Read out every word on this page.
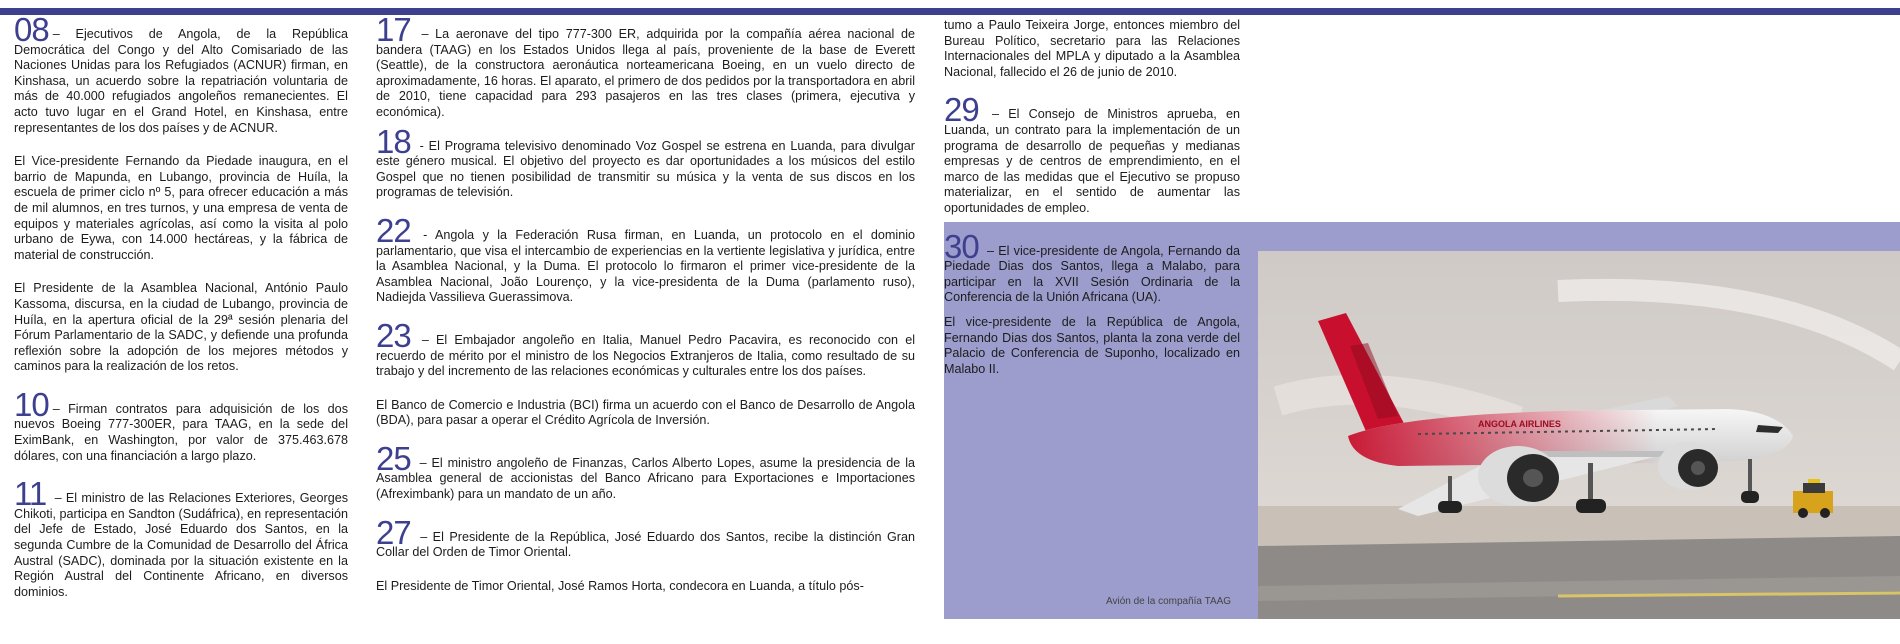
08 – Ejecutivos de Angola, de la República Democrática del Congo y del Alto Comisariado de las Naciones Unidas para los Refugiados (ACNUR) firman, en Kinshasa, un acuerdo sobre la repatriación voluntaria de más de 40.000 refugiados angoleños remanecientes. El acto tuvo lugar en el Grand Hotel, en Kinshasa, entre representantes de los dos países y de ACNUR.
El Vice-presidente Fernando da Piedade inaugura, en el barrio de Mapunda, en Lubango, provincia de Huíla, la escuela de primer ciclo nº 5, para ofrecer educación a más de mil alumnos, en tres turnos, y una empresa de venta de equipos y materiales agrícolas, así como la visita al polo urbano de Eywa, con 14.000 hectáreas, y la fábrica de material de construcción.
El Presidente de la Asamblea Nacional, António Paulo Kassoma, discursa, en la ciudad de Lubango, provincia de Huíla, en la apertura oficial de la 29ª sesión plenaria del Fórum Parlamentario de la SADC, y defiende una profunda reflexión sobre la adopción de los mejores métodos y caminos para la realización de los retos.
10 – Firman contratos para adquisición de los dos nuevos Boeing 777-300ER, para TAAG, en la sede del EximBank, en Washington, por valor de 375.463.678 dólares, con una financiación a largo plazo.
11 – El ministro de las Relaciones Exteriores, Georges Chikoti, participa en Sandton (Sudáfrica), en representación del Jefe de Estado, José Eduardo dos Santos, en la segunda Cumbre de la Comunidad de Desarrollo del África Austral (SADC), dominada por la situación existente en la Región Austral del Continente Africano, en diversos dominios.
17 – La aeronave del tipo 777-300 ER, adquirida por la compañía aérea nacional de bandera (TAAG) en los Estados Unidos llega al país, proveniente de la base de Everett (Seattle), de la constructora aeronáutica norteamericana Boeing, en un vuelo directo de aproximadamente, 16 horas. El aparato, el primero de dos pedidos por la transportadora en abril de 2010, tiene capacidad para 293 pasajeros en las tres clases (primera, ejecutiva y económica).
18 - El Programa televisivo denominado Voz Gospel se estrena en Luanda, para divulgar este género musical. El objetivo del proyecto es dar oportunidades a los músicos del estilo Gospel que no tienen posibilidad de transmitir su música y la venta de sus discos en los programas de televisión.
22 - Angola y la Federación Rusa firman, en Luanda, un protocolo en el dominio parlamentario, que visa el intercambio de experiencias en la vertiente legislativa y jurídica, entre la Asamblea Nacional, y la Duma. El protocolo lo firmaron el primer vice-presidente de la Asamblea Nacional, João Lourenço, y la vice-presidenta de la Duma (parlamento ruso), Nadiejda Vassilieva Guerassimova.
23 – El Embajador angoleño en Italia, Manuel Pedro Pacavira, es reconocido con el recuerdo de mérito por el ministro de los Negocios Extranjeros de Italia, como resultado de su trabajo y del incremento de las relaciones económicas y culturales entre los dos países.
El Banco de Comercio e Industria (BCI) firma un acuerdo con el Banco de Desarrollo de Angola (BDA), para pasar a operar el Crédito Agrícola de Inversión.
25 – El ministro angoleño de Finanzas, Carlos Alberto Lopes, asume la presidencia de la Asamblea general de accionistas del Banco Africano para Exportaciones e Importaciones (Afreximbank) para un mandato de un año.
27 – El Presidente de la República, José Eduardo dos Santos, recibe la distinción Gran Collar del Orden de Timor Oriental.
El Presidente de Timor Oriental, José Ramos Horta, condecora en Luanda, a título pós-
tumo a Paulo Teixeira Jorge, entonces miembro del Bureau Político, secretario para las Relaciones Internacionales del MPLA y diputado a la Asamblea Nacional, fallecido el 26 de junio de 2010.
29 – El Consejo de Ministros aprueba, en Luanda, un contrato para la implementación de un programa de desarrollo de pequeñas y medianas empresas y de centros de emprendimiento, en el marco de las medidas que el Ejecutivo se propuso materializar, en el sentido de aumentar las oportunidades de empleo.
30 – El vice-presidente de Angola, Fernando da Piedade Dias dos Santos, llega a Malabo, para participar en la XVII Sesión Ordinaria de la Conferencia de la Unión Africana (UA).
El vice-presidente de la República de Angola, Fernando Dias dos Santos, planta la zona verde del Palacio de Conferencia de Suponho, localizado en Malabo II.
ANGOLA AIRLINES
Avión de la compañía TAAG
